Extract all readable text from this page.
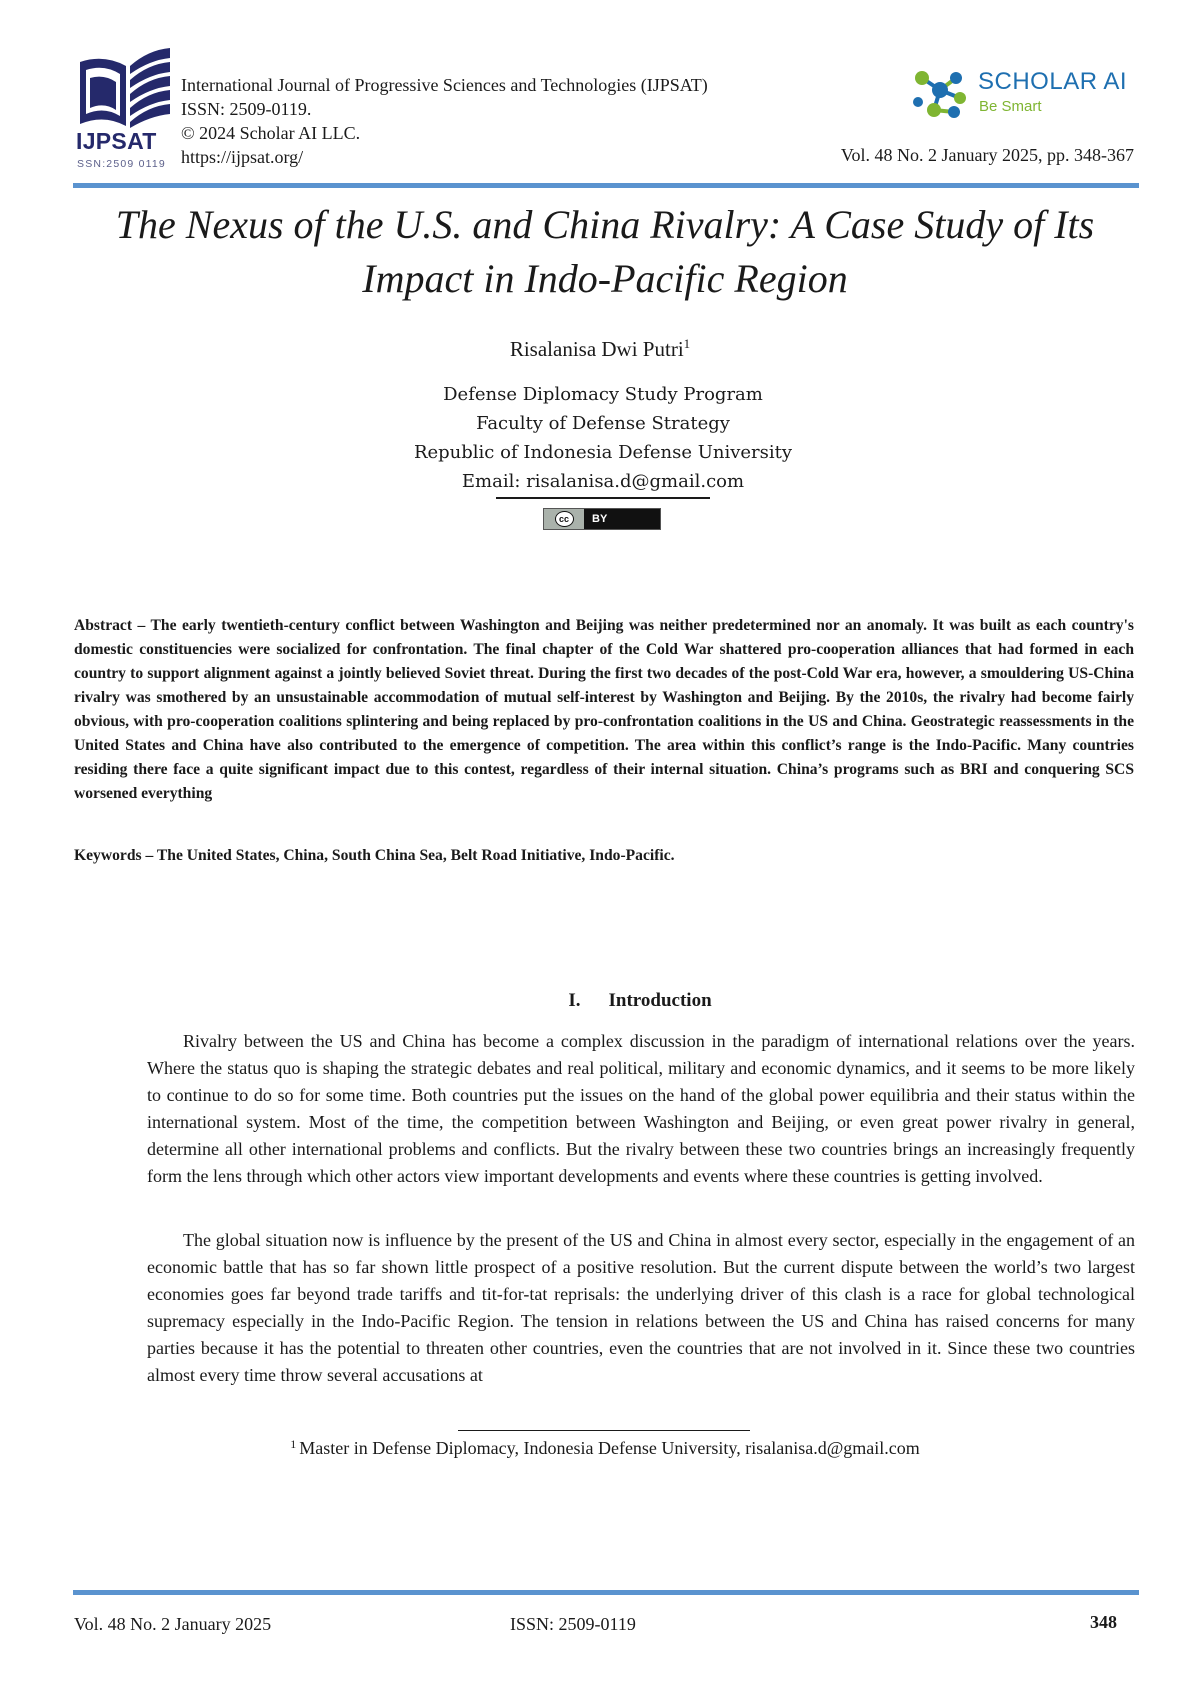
IJPSAT
SSN:2509 0119
International Journal of Progressive Sciences and Technologies (IJPSAT)
ISSN: 2509-0119.
© 2024 Scholar AI LLC.
https://ijpsat.org/
SCHOLAR AI
Be Smart
Vol. 48 No. 2 January 2025, pp. 348-367
The Nexus of the U.S. and China Rivalry: A Case Study of Its
Impact in Indo-Pacific Region
Risalanisa Dwi Putri$^1$
Defense Diplomacy Study Program
Faculty of Defense Strategy
Republic of Indonesia Defense University
Email: risalanisa.d@gmail.com
cc	BY
Abstract – The early twentieth-century conflict between Washington and Beijing was neither predetermined nor an anomaly. It was built as each country's domestic constituencies were socialized for confrontation. The final chapter of the Cold War shattered pro-cooperation alliances that had formed in each country to support alignment against a jointly believed Soviet threat. During the first two decades of the post-Cold War era, however, a smouldering US-China rivalry was smothered by an unsustainable accommodation of mutual self-interest by Washington and Beijing. By the 2010s, the rivalry had become fairly obvious, with pro-cooperation coalitions splintering and being replaced by pro-confrontation coalitions in the US and China. Geostrategic reassessments in the United States and China have also contributed to the emergence of competition. The area within this conflict’s range is the Indo-Pacific. Many countries residing there face a quite significant impact due to this contest, regardless of their internal situation. China’s programs such as BRI and conquering SCS worsened everything
Keywords – The United States, China, South China Sea, Belt Road Initiative, Indo-Pacific.
I. Introduction
Rivalry between the US and China has become a complex discussion in the paradigm of international relations over the years. Where the status quo is shaping the strategic debates and real political, military and economic dynamics, and it seems to be more likely to continue to do so for some time. Both countries put the issues on the hand of the global power equilibria and their status within the international system. Most of the time, the competition between Washington and Beijing, or even great power rivalry in general, determine all other international problems and conflicts. But the rivalry between these two countries brings an increasingly frequently form the lens through which other actors view important developments and events where these countries is getting involved.
The global situation now is influence by the present of the US and China in almost every sector, especially in the engagement of an economic battle that has so far shown little prospect of a positive resolution. But the current dispute between the world’s two largest economies goes far beyond trade tariffs and tit-for-tat reprisals: the underlying driver of this clash is a race for global technological supremacy especially in the Indo-Pacific Region. The tension in relations between the US and China has raised concerns for many parties because it has the potential to threaten other countries, even the countries that are not involved in it. Since these two countries almost every time throw several accusations at
$^1$ Master in Defense Diplomacy, Indonesia Defense University, risalanisa.d@gmail.com
Vol. 48 No. 2 January 2025	ISSN: 2509-0119	348
